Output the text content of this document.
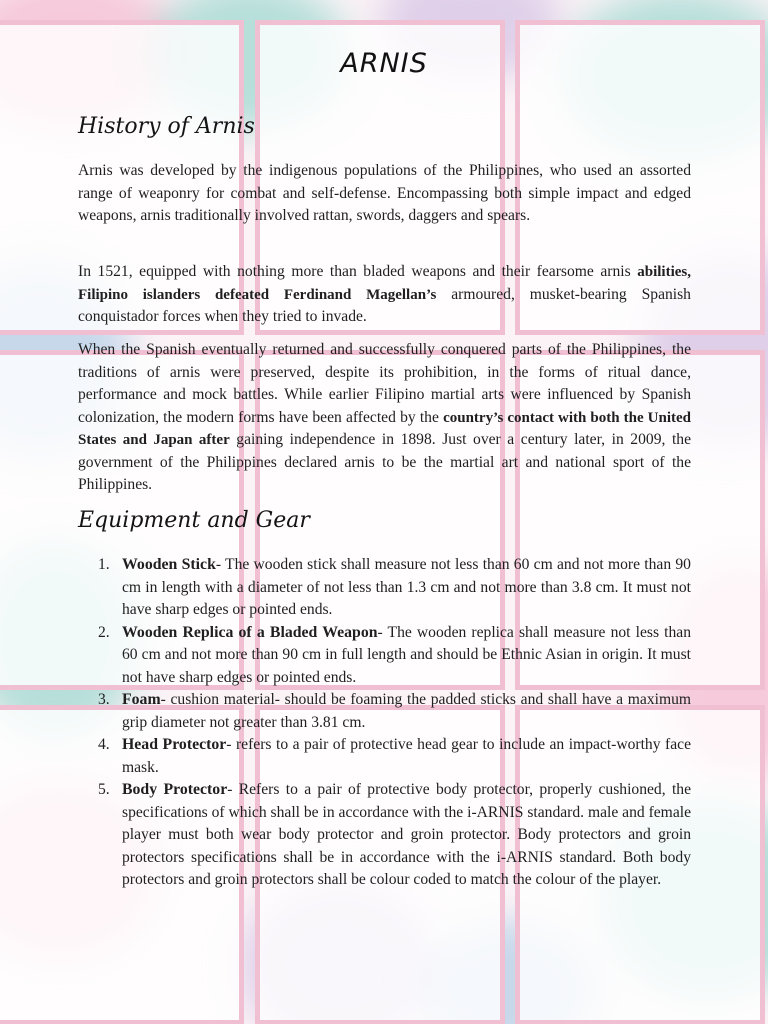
ARNIS
History of Arnis

Arnis was developed by the indigenous populations of the Philippines, who used an assorted range of weaponry for combat and self-defense. Encompassing both simple impact and edged weapons, arnis traditionally involved rattan, swords, daggers and spears.

In 1521, equipped with nothing more than bladed weapons and their fearsome arnis abilities, Filipino islanders defeated Ferdinand Magellan’s armoured, musket-bearing Spanish conquistador forces when they tried to invade.

When the Spanish eventually returned and successfully conquered parts of the Philippines, the traditions of arnis were preserved, despite its prohibition, in the forms of ritual dance, performance and mock battles. While earlier Filipino martial arts were influenced by Spanish colonization, the modern forms have been affected by the country’s contact with both the United States and Japan after gaining independence in 1898. Just over a century later, in 2009, the government of the Philippines declared arnis to be the martial art and national sport of the Philippines.

Equipment and Gear
1. Wooden Stick- The wooden stick shall measure not less than 60 cm and not more than 90 cm in length with a diameter of not less than 1.3 cm and not more than 3.8 cm. It must not have sharp edges or pointed ends.
2. Wooden Replica of a Bladed Weapon- The wooden replica shall measure not less than 60 cm and not more than 90 cm in full length and should be Ethnic Asian in origin. It must not have sharp edges or pointed ends.
3. Foam- cushion material- should be foaming the padded sticks and shall have a maximum grip diameter not greater than 3.81 cm.
4. Head Protector- refers to a pair of protective head gear to include an impact-worthy face mask.
5. Body Protector- Refers to a pair of protective body protector, properly cushioned, the specifications of which shall be in accordance with the i-ARNIS standard. male and female player must both wear body protector and groin protector. Body protectors and groin protectors specifications shall be in accordance with the i-ARNIS standard. Both body protectors and groin protectors shall be colour coded to match the colour of the player.
